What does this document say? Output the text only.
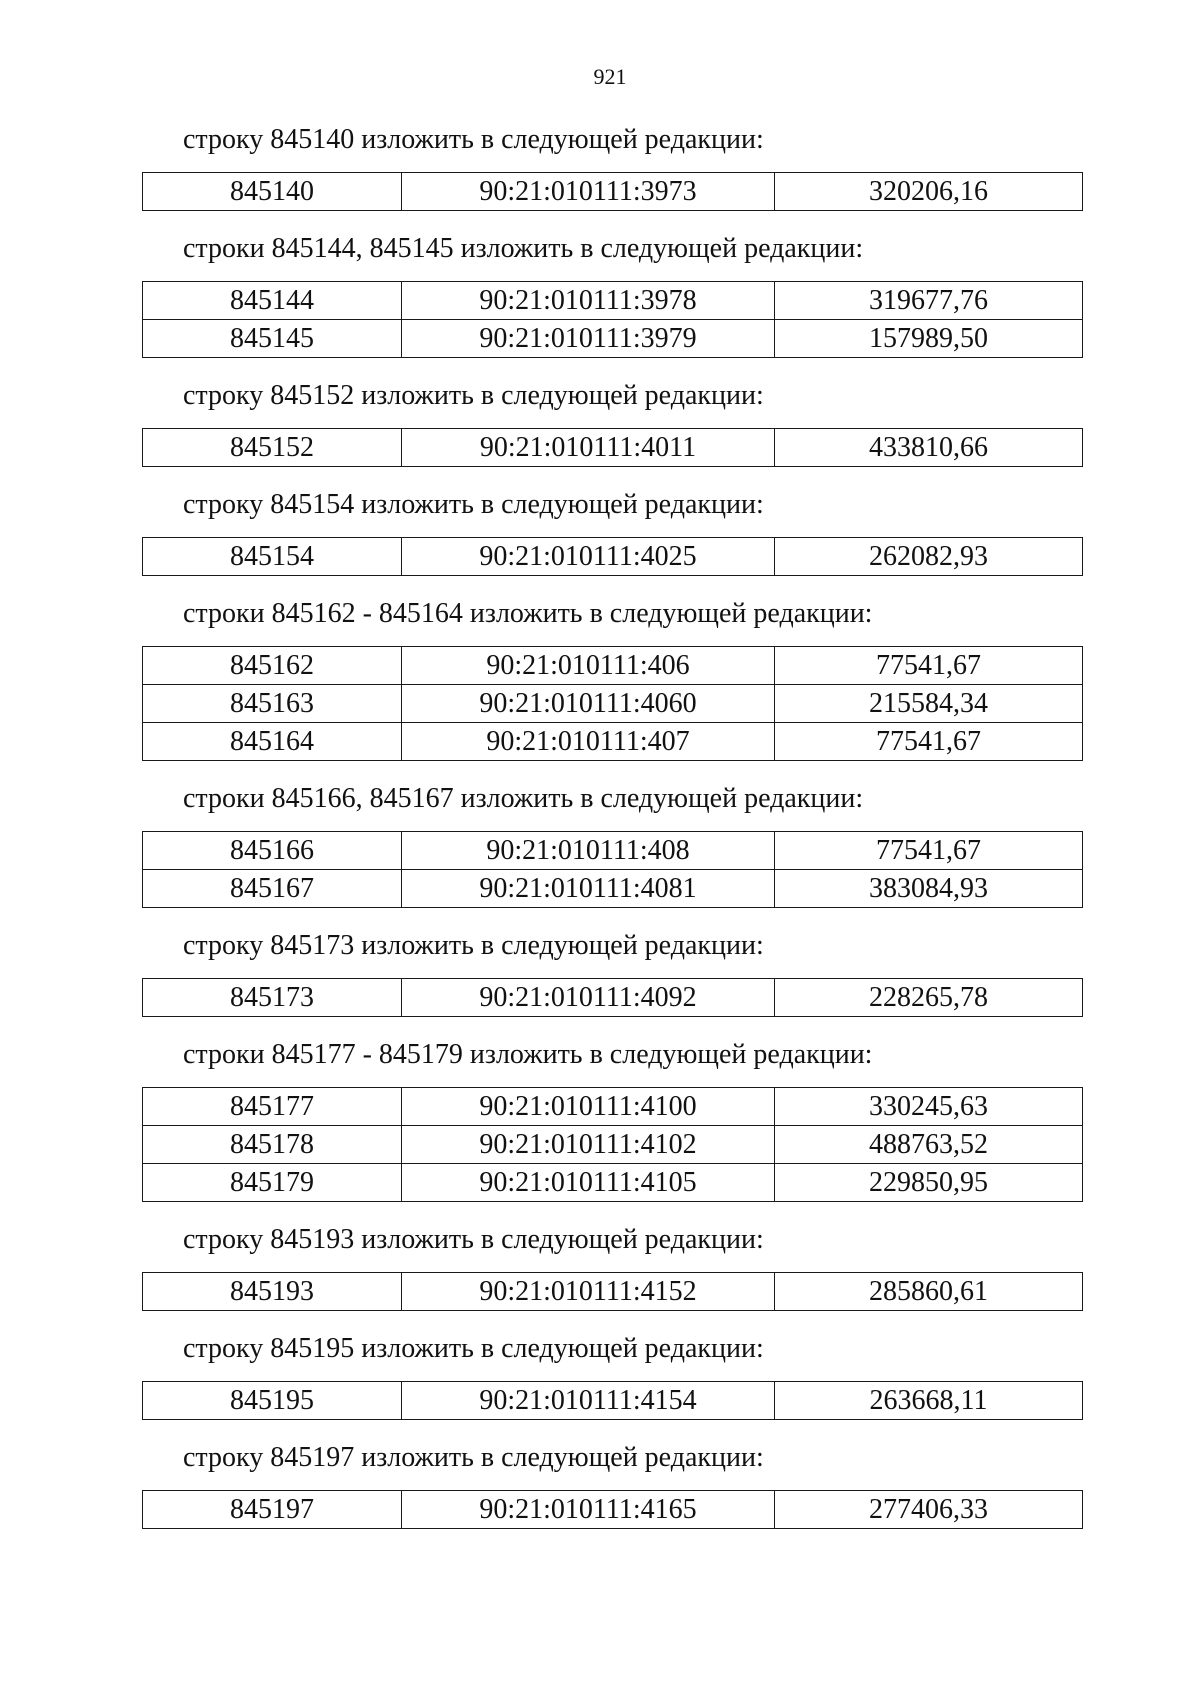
921
строку 845140 изложить в следующей редакции:
845140	90:21:010111:3973	320206,16
строки 845144, 845145 изложить в следующей редакции:
845144	90:21:010111:3978	319677,76
845145	90:21:010111:3979	157989,50
строку 845152 изложить в следующей редакции:
845152	90:21:010111:4011	433810,66
строку 845154 изложить в следующей редакции:
845154	90:21:010111:4025	262082,93
строки 845162 - 845164 изложить в следующей редакции:
845162	90:21:010111:406	77541,67
845163	90:21:010111:4060	215584,34
845164	90:21:010111:407	77541,67
строки 845166, 845167 изложить в следующей редакции:
845166	90:21:010111:408	77541,67
845167	90:21:010111:4081	383084,93
строку 845173 изложить в следующей редакции:
845173	90:21:010111:4092	228265,78
строки 845177 - 845179 изложить в следующей редакции:
845177	90:21:010111:4100	330245,63
845178	90:21:010111:4102	488763,52
845179	90:21:010111:4105	229850,95
строку 845193 изложить в следующей редакции:
845193	90:21:010111:4152	285860,61
строку 845195 изложить в следующей редакции:
845195	90:21:010111:4154	263668,11
строку 845197 изложить в следующей редакции:
845197	90:21:010111:4165	277406,33
